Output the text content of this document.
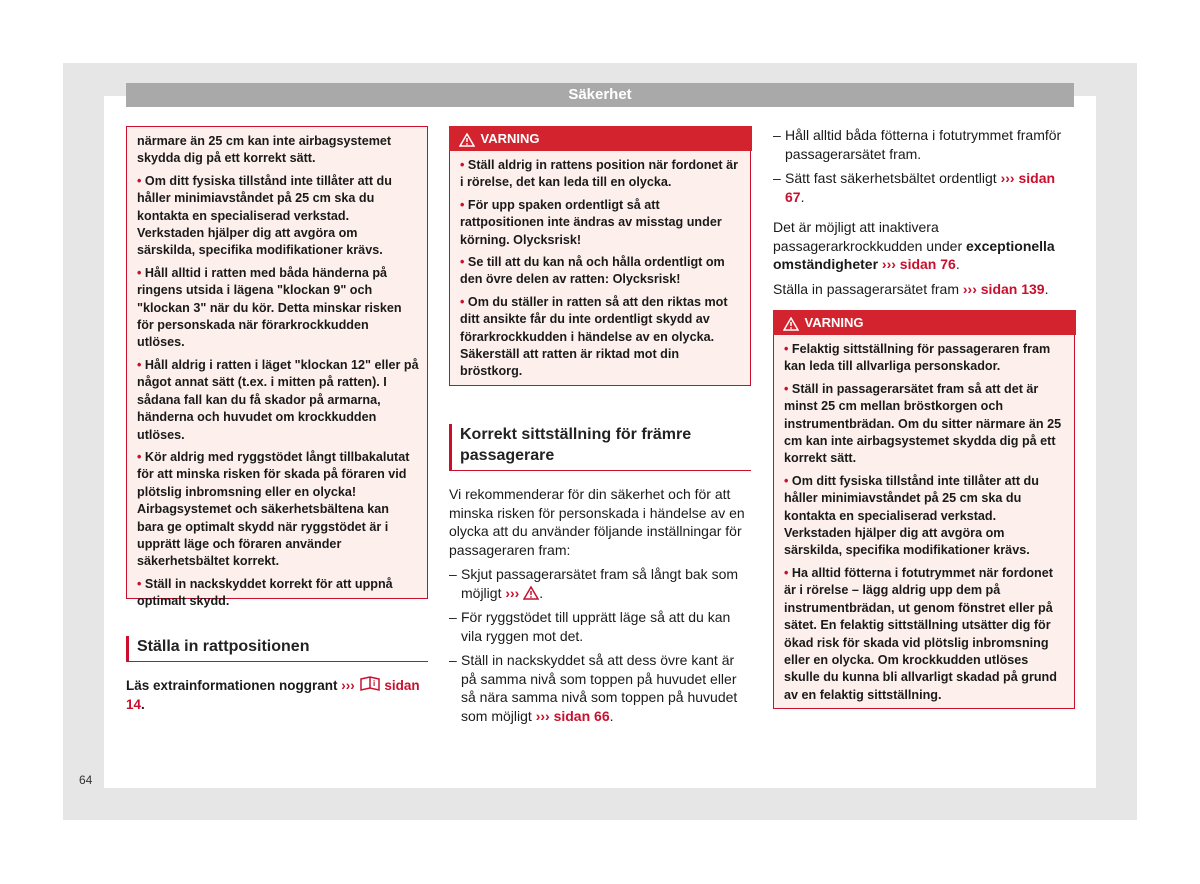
Säkerhet

närmare än 25 cm kan inte airbagsystemet skydda dig på ett korrekt sätt.

• Om ditt fysiska tillstånd inte tillåter att du håller minimiavståndet på 25 cm ska du kontakta en specialiserad verkstad. Verkstaden hjälper dig att avgöra om särskilda, specifika modifikationer krävs.

• Håll alltid i ratten med båda händerna på ringens utsida i lägena "klockan 9" och "klockan 3" när du kör. Detta minskar risken för personskada när förarkrockkudden utlöses.

• Håll aldrig i ratten i läget "klockan 12" eller på något annat sätt (t.ex. i mitten på ratten). I sådana fall kan du få skador på armarna, händerna och huvudet om krockkudden utlöses.

• Kör aldrig med ryggstödet långt tillbakalutat för att minska risken för skada på föraren vid plötslig inbromsning eller en olycka! Airbagsystemet och säkerhetsbältena kan bara ge optimalt skydd när ryggstödet är i upprätt läge och föraren använder säkerhetsbältet korrekt.

• Ställ in nackskyddet korrekt för att uppnå optimalt skydd.

Ställa in rattpositionen

Läs extrainformationen noggrant ››› i sidan 14.

VARNING

• Ställ aldrig in rattens position när fordonet är i rörelse, det kan leda till en olycka.

• För upp spaken ordentligt så att rattpositionen inte ändras av misstag under körning. Olycksrisk!

• Se till att du kan nå och hålla ordentligt om den övre delen av ratten: Olycksrisk!

• Om du ställer in ratten så att den riktas mot ditt ansikte får du inte ordentligt skydd av förarkrockkudden i händelse av en olycka. Säkerställ att ratten är riktad mot din bröstkorg.

Korrekt sittställning för främre passagerare

Vi rekommenderar för din säkerhet och för att minska risken för personskada i händelse av en olycka att du använder följande inställningar för passageraren fram:

– Skjut passagerarsätet fram så långt bak som möjligt ››› .

– För ryggstödet till upprätt läge så att du kan vila ryggen mot det.

– Ställ in nackskyddet så att dess övre kant är på samma nivå som toppen på huvudet eller så nära samma nivå som toppen på huvudet som möjligt ››› sidan 66.

– Håll alltid båda fötterna i fotutrymmet framför passagerarsätet fram.

– Sätt fast säkerhetsbältet ordentligt ››› sidan 67.

Det är möjligt att inaktivera passagerarkrockkudden under exceptionella omständigheter ››› sidan 76.

Ställa in passagerarsätet fram ››› sidan 139.

VARNING

• Felaktig sittställning för passageraren fram kan leda till allvarliga personskador.

• Ställ in passagerarsätet fram så att det är minst 25 cm mellan bröstkorgen och instrumentbrädan. Om du sitter närmare än 25 cm kan inte airbagsystemet skydda dig på ett korrekt sätt.

• Om ditt fysiska tillstånd inte tillåter att du håller minimiavståndet på 25 cm ska du kontakta en specialiserad verkstad. Verkstaden hjälper dig att avgöra om särskilda, specifika modifikationer krävs.

• Ha alltid fötterna i fotutrymmet när fordonet är i rörelse – lägg aldrig upp dem på instrumentbrädan, ut genom fönstret eller på sätet. En felaktig sittställning utsätter dig för ökad risk för skada vid plötslig inbromsning eller en olycka. Om krockkudden utlöses skulle du kunna bli allvarligt skadad på grund av en felaktig sittställning.

64
